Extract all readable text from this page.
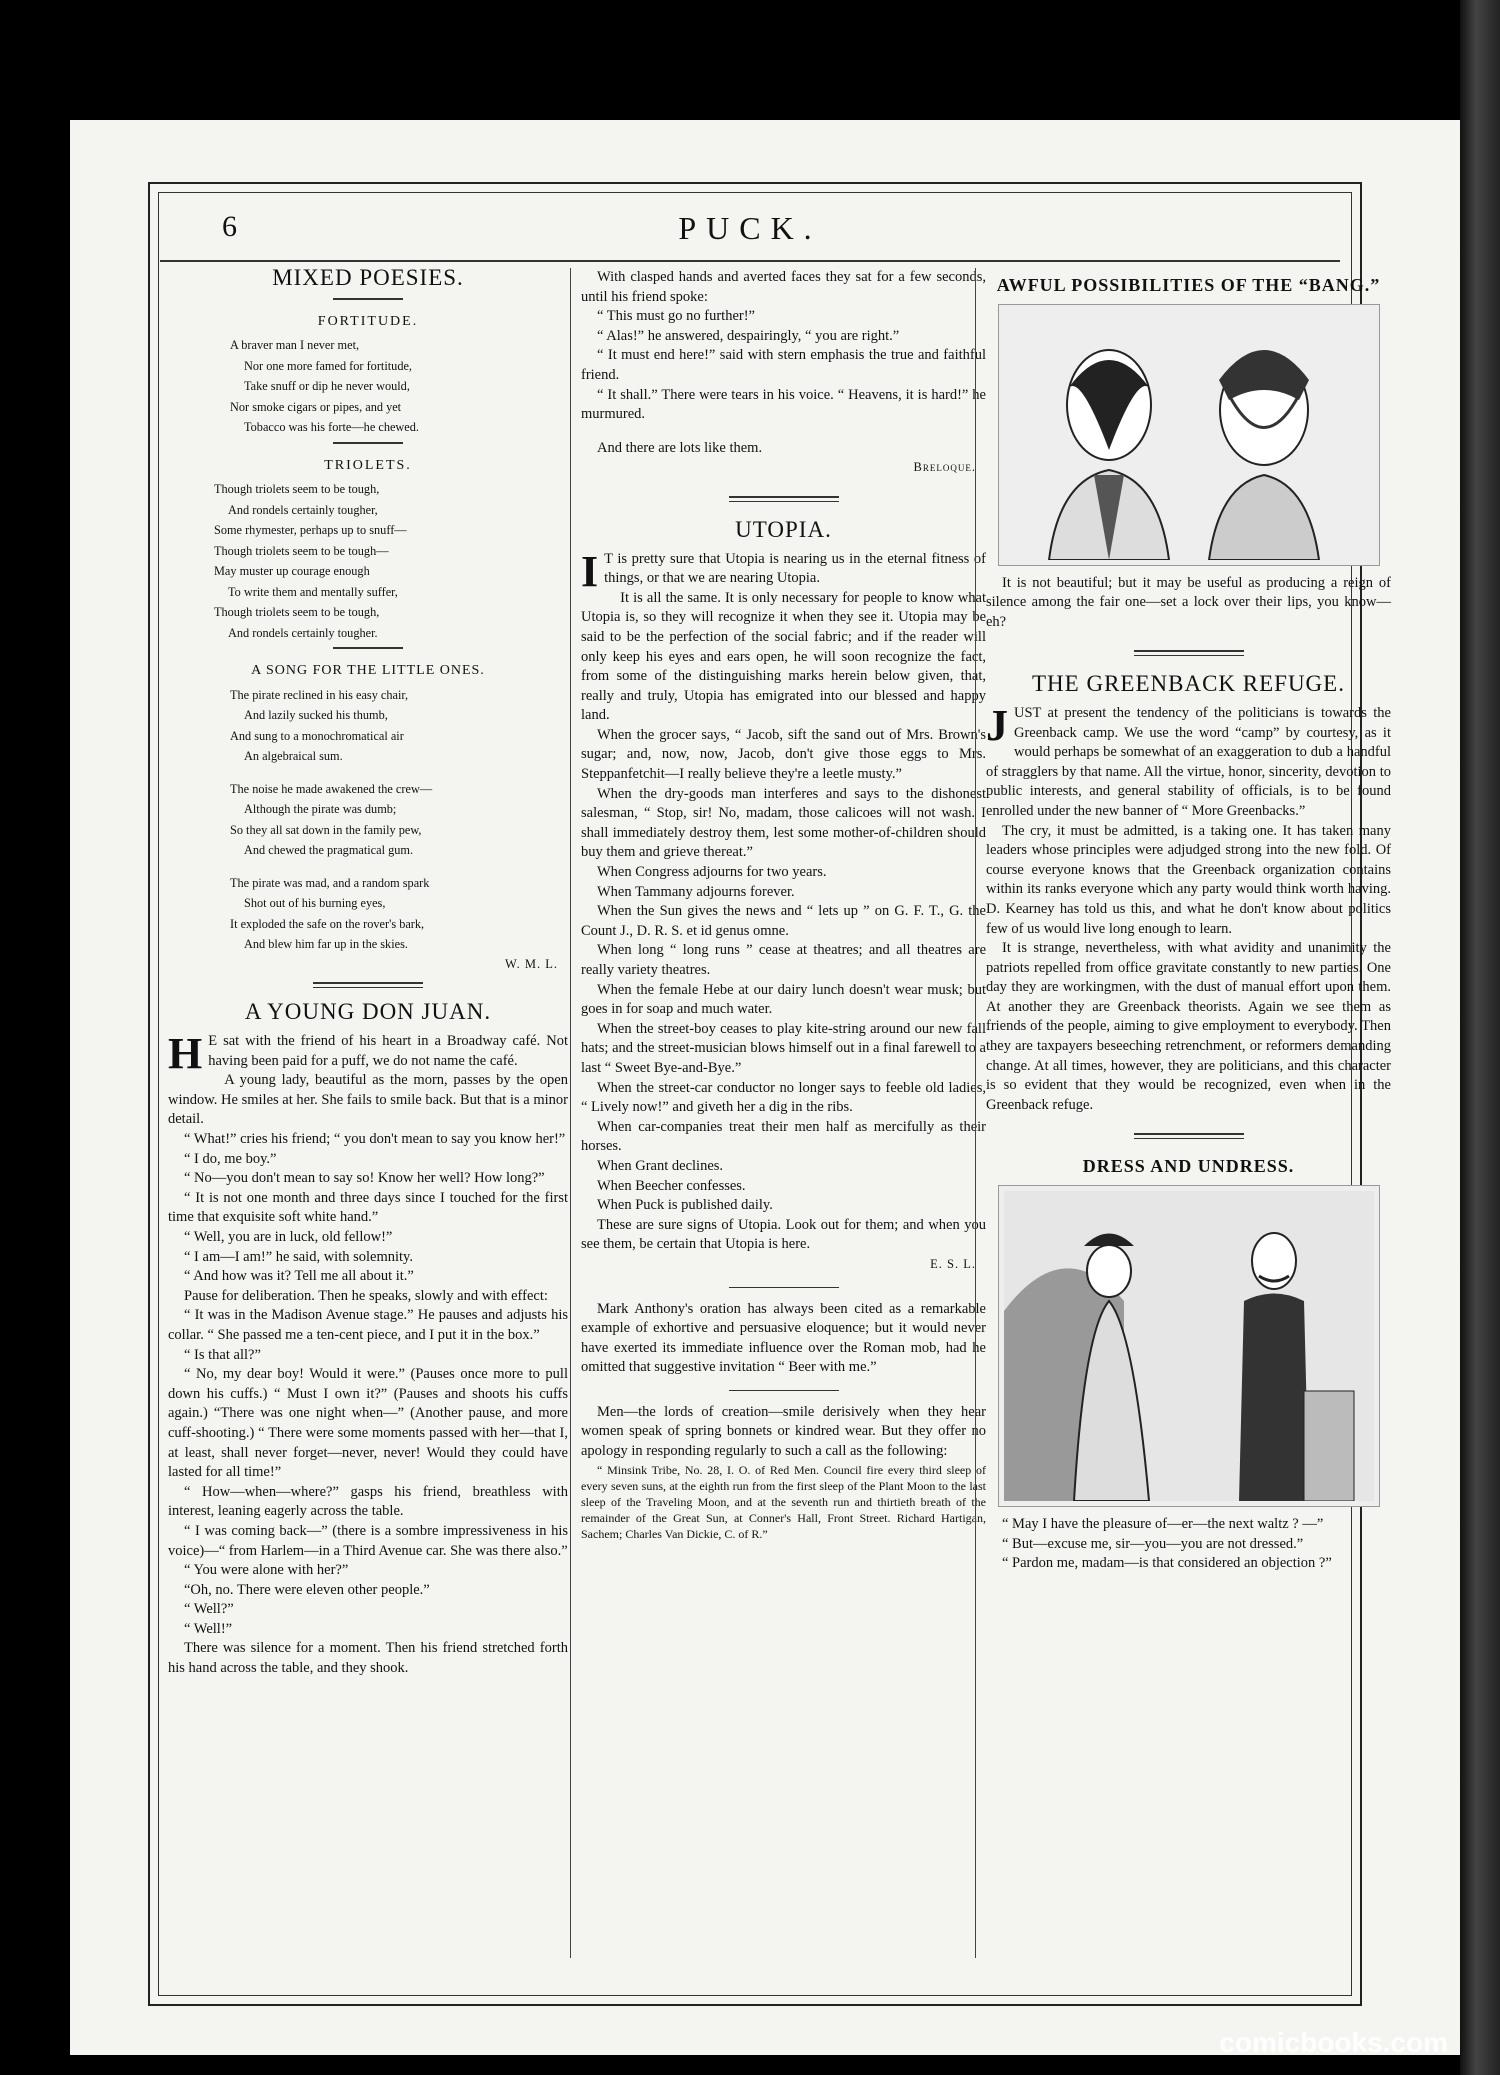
6	PUCK.
MIXED POESIES.
FORTITUDE.
A braver man I never met,
Nor one more famed for fortitude,
Take snuff or dip he never would,
Nor smoke cigars or pipes, and yet
Tobacco was his forte—he chewed.
TRIOLETS.
Though triolets seem to be tough,
And rondels certainly tougher,
Some rhymester, perhaps up to snuff—
Though triolets seem to be tough—
May muster up courage enough
To write them and mentally suffer,
Though triolets seem to be tough,
And rondels certainly tougher.
A SONG FOR THE LITTLE ONES.
The pirate reclined in his easy chair,
And lazily sucked his thumb,
And sung to a monochromatical air
An algebraical sum.
The noise he made awakened the crew—
Although the pirate was dumb;
So they all sat down in the family pew,
And chewed the pragmatical gum.
The pirate was mad, and a random spark
Shot out of his burning eyes,
It exploded the safe on the rover's bark,
And blew him far up in the skies.
W. M. L.
A YOUNG DON JUAN.

H E sat with the friend of his heart in a Broadway café. Not having been paid for a puff, we do not name the café.

A young lady, beautiful as the morn, passes by the open window. He smiles at her. She fails to smile back. But that is a minor detail.

“ What!” cries his friend; “ you don't mean to say you know her!”

“ I do, me boy.”

“ No—you don't mean to say so! Know her well? How long?”

“ It is not one month and three days since I touched for the first time that exquisite soft white hand.”

“ Well, you are in luck, old fellow!”

“ I am—I am!” he said, with solemnity.

“ And how was it? Tell me all about it.”

Pause for deliberation. Then he speaks, slowly and with effect:

“ It was in the Madison Avenue stage.” He pauses and adjusts his collar. “ She passed me a ten-cent piece, and I put it in the box.”

“ Is that all?”

“ No, my dear boy! Would it were.” (Pauses once more to pull down his cuffs.) “ Must I own it?” (Pauses and shoots his cuffs again.) “There was one night when—” (Another pause, and more cuff-shooting.) “ There were some moments passed with her—that I, at least, shall never forget—never, never! Would they could have lasted for all time!”

“ How—when—where?” gasps his friend, breathless with interest, leaning eagerly across the table.

“ I was coming back—” (there is a sombre impressiveness in his voice)—“ from Harlem—in a Third Avenue car. She was there also.”

“ You were alone with her?”

“Oh, no. There were eleven other people.”

“ Well?”

“ Well!”

There was silence for a moment. Then his friend stretched forth his hand across the table, and they shook.

With clasped hands and averted faces they sat for a few seconds, until his friend spoke:

“ This must go no further!”

“ Alas!” he answered, despairingly, “ you are right.”

“ It must end here!” said with stern emphasis the true and faithful friend.

“ It shall.” There were tears in his voice. “ Heavens, it is hard!” he murmured.

And there are lots like them.

Breloque.
UTOPIA.

I T is pretty sure that Utopia is nearing us in the eternal fitness of things, or that we are nearing Utopia.

It is all the same. It is only necessary for people to know what Utopia is, so they will recognize it when they see it. Utopia may be said to be the perfection of the social fabric; and if the reader will only keep his eyes and ears open, he will soon recognize the fact, from some of the distinguishing marks herein below given, that, really and truly, Utopia has emigrated into our blessed and happy land.

When the grocer says, “ Jacob, sift the sand out of Mrs. Brown's sugar; and, now, now, Jacob, don't give those eggs to Mrs. Steppanfetchit—I really believe they're a leetle musty.”

When the dry-goods man interferes and says to the dishonest salesman, “ Stop, sir! No, madam, those calicoes will not wash. I shall immediately destroy them, lest some mother-of-children should buy them and grieve thereat.”

When Congress adjourns for two years.

When Tammany adjourns forever.

When the Sun gives the news and “ lets up ” on G. F. T., G. the Count J., D. R. S. et id genus omne.

When long “ long runs ” cease at theatres; and all theatres are really variety theatres.

When the female Hebe at our dairy lunch doesn't wear musk; but goes in for soap and much water.

When the street-boy ceases to play kite-string around our new fall hats; and the street-musician blows himself out in a final farewell to a last “ Sweet Bye-and-Bye.”

When the street-car conductor no longer says to feeble old ladies, “ Lively now!” and giveth her a dig in the ribs.

When car-companies treat their men half as mercifully as their horses.

When Grant declines.

When Beecher confesses.

When Puck is published daily.

These are sure signs of Utopia. Look out for them; and when you see them, be certain that Utopia is here.

E. S. L.

Mark Anthony's oration has always been cited as a remarkable example of exhortive and persuasive eloquence; but it would never have exerted its immediate influence over the Roman mob, had he omitted that suggestive invitation “ Beer with me.”

Men—the lords of creation—smile derisively when they hear women speak of spring bonnets or kindred wear. But they offer no apology in responding regularly to such a call as the following:

“ Minsink Tribe, No. 28, I. O. of Red Men. Council fire every third sleep of every seven suns, at the eighth run from the first sleep of the Plant Moon to the last sleep of the Traveling Moon, and at the seventh run and thirtieth breath of the remainder of the Great Sun, at Conner's Hall, Front Street. Richard Hartigan, Sachem; Charles Van Dickie, C. of R.”

AWFUL POSSIBILITIES OF THE “BANG.”

It is not beautiful; but it may be useful as producing a reign of silence among the fair one—set a lock over their lips, you know—eh?

THE GREENBACK REFUGE.

JUST at present the tendency of the politicians is towards the Greenback camp. We use the word “camp” by courtesy, as it would perhaps be somewhat of an exaggeration to dub a handful of stragglers by that name. All the virtue, honor, sincerity, devotion to public interests, and general stability of officials, is to be found enrolled under the new banner of “ More Greenbacks.”

The cry, it must be admitted, is a taking one. It has taken many leaders whose principles were adjudged strong into the new fold. Of course everyone knows that the Greenback organization contains within its ranks everyone which any party would think worth having. D. Kearney has told us this, and what he don't know about politics few of us would live long enough to learn.

It is strange, nevertheless, with what avidity and unanimity the patriots repelled from office gravitate constantly to new parties. One day they are workingmen, with the dust of manual effort upon them. At another they are Greenback theorists. Again we see them as friends of the people, aiming to give employment to everybody. Then they are taxpayers beseeching retrenchment, or reformers demanding change. At all times, however, they are politicians, and this character is so evident that they would be recognized, even when in the Greenback refuge.

DRESS AND UNDRESS.

“ May I have the pleasure of—er—the next waltz ? —”

“ But—excuse me, sir—you—you are not dressed.”

“ Pardon me, madam—is that considered an objection ?”

comicbooks.com
